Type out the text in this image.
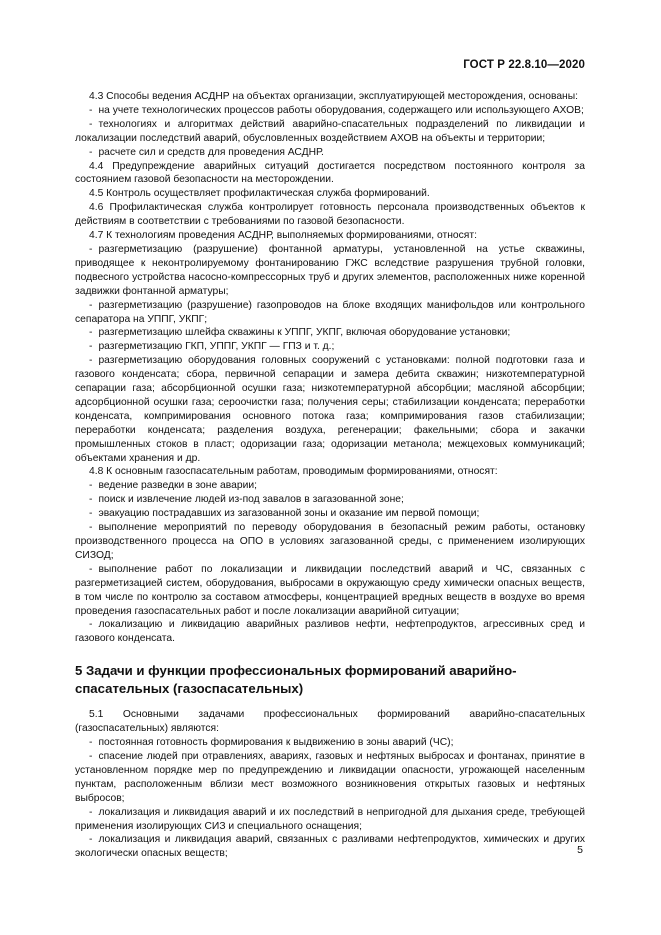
ГОСТ Р 22.8.10—2020

4.3 Способы ведения АСДНР на объектах организации, эксплуатирующей месторождения, основаны:

- на учете технологических процессов работы оборудования, содержащего или использующего АХОВ;

- технологиях и алгоритмах действий аварийно-спасательных подразделений по ликвидации и локализации последствий аварий, обусловленных воздействием АХОВ на объекты и территории;

- расчете сил и средств для проведения АСДНР.

4.4 Предупреждение аварийных ситуаций достигается посредством постоянного контроля за состоянием газовой безопасности на месторождении.

4.5 Контроль осуществляет профилактическая служба формирований.

4.6 Профилактическая служба контролирует готовность персонала производственных объектов к действиям в соответствии с требованиями по газовой безопасности.

4.7 К технологиям проведения АСДНР, выполняемых формированиями, относят:

- разгерметизацию (разрушение) фонтанной арматуры, установленной на устье скважины, приводящее к неконтролируемому фонтанированию ГЖС вследствие разрушения трубной головки, подвесного устройства насосно-компрессорных труб и других элементов, расположенных ниже коренной задвижки фонтанной арматуры;

- разгерметизацию (разрушение) газопроводов на блоке входящих манифольдов или контрольного сепаратора на УППГ, УКПГ;

- разгерметизацию шлейфа скважины к УППГ, УКПГ, включая оборудование установки;

- разгерметизацию ГКП, УППГ, УКПГ — ГПЗ и т. д.;

- разгерметизацию оборудования головных сооружений с установками: полной подготовки газа и газового конденсата; сбора, первичной сепарации и замера дебита скважин; низкотемпературной сепарации газа; абсорбционной осушки газа; низкотемпературной абсорбции; масляной абсорбции; адсорбционной осушки газа; сероочистки газа; получения серы; стабилизации конденсата; переработки конденсата, компримирования основного потока газа; компримирования газов стабилизации; переработки конденсата; разделения воздуха, регенерации; факельными; сбора и закачки промышленных стоков в пласт; одоризации газа; одоризации метанола; межцеховых коммуникаций; объектами хранения и др.

4.8 К основным газоспасательным работам, проводимым формированиями, относят:

- ведение разведки в зоне аварии;

- поиск и извлечение людей из-под завалов в загазованной зоне;

- эвакуацию пострадавших из загазованной зоны и оказание им первой помощи;

- выполнение мероприятий по переводу оборудования в безопасный режим работы, остановку производственного процесса на ОПО в условиях загазованной среды, с применением изолирующих СИЗОД;

- выполнение работ по локализации и ликвидации последствий аварий и ЧС, связанных с разгерметизацией систем, оборудования, выбросами в окружающую среду химически опасных веществ, в том числе по контролю за составом атмосферы, концентрацией вредных веществ в воздухе во время проведения газоспасательных работ и после локализации аварийной ситуации;

- локализацию и ликвидацию аварийных разливов нефти, нефтепродуктов, агрессивных сред и газового конденсата.

5 Задачи и функции профессиональных формирований аварийно-спасательных (газоспасательных)

5.1 Основными задачами профессиональных формирований аварийно-спасательных (газоспасательных) являются:

- постоянная готовность формирования к выдвижению в зоны аварий (ЧС);

- спасение людей при отравлениях, авариях, газовых и нефтяных выбросах и фонтанах, принятие в установленном порядке мер по предупреждению и ликвидации опасности, угрожающей населенным пунктам, расположенным вблизи мест возможного возникновения открытых газовых и нефтяных выбросов;

- локализация и ликвидация аварий и их последствий в непригодной для дыхания среде, требующей применения изолирующих СИЗ и специального оснащения;

- локализация и ликвидация аварий, связанных с разливами нефтепродуктов, химических и других экологически опасных веществ;	5
